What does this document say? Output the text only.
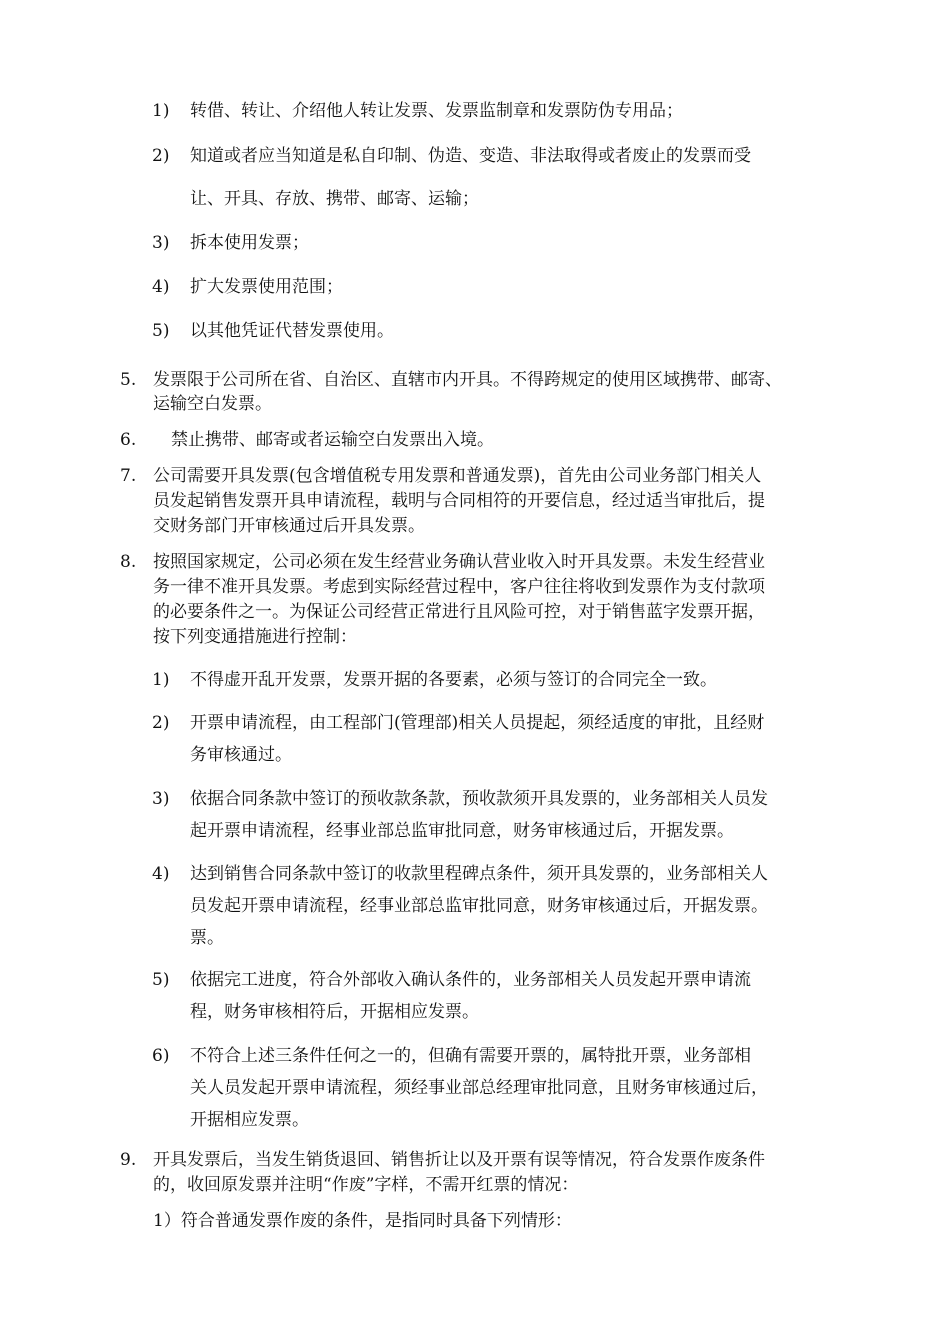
1) 转借、转让、介绍他人转让发票、发票监制章和发票防伪专用品；
2) 知道或者应当知道是私自印制、伪造、变造、非法取得或者废止的发票而受
让、开具、存放、携带、邮寄、运输；
3) 拆本使用发票；
4) 扩大发票使用范围；
5) 以其他凭证代替发票使用。
5. 发票限于公司所在省、自治区、直辖市内开具。不得跨规定的使用区域携带、邮寄、
运输空白发票。
6. 禁止携带、邮寄或者运输空白发票出入境。
7. 公司需要开具发票(包含增值税专用发票和普通发票)，首先由公司业务部门相关人
员发起销售发票开具申请流程，载明与合同相符的开要信息，经过适当审批后，提
交财务部门开审核通过后开具发票。
8. 按照国家规定，公司必须在发生经营业务确认营业收入时开具发票。未发生经营业
务一律不准开具发票。考虑到实际经营过程中，客户往往将收到发票作为支付款项
的必要条件之一。为保证公司经营正常进行且风险可控，对于销售蓝字发票开据，
按下列变通措施进行控制：
1) 不得虚开乱开发票，发票开据的各要素，必须与签订的合同完全一致。
2) 开票申请流程，由工程部门(管理部)相关人员提起，须经适度的审批，且经财
务审核通过。
3) 依据合同条款中签订的预收款条款，预收款须开具发票的，业务部相关人员发
起开票申请流程，经事业部总监审批同意，财务审核通过后，开据发票。
4) 达到销售合同条款中签订的收款里程碑点条件，须开具发票的，业务部相关人
员发起开票申请流程，经事业部总监审批同意，财务审核通过后，开据发票。
票。
5) 依据完工进度，符合外部收入确认条件的，业务部相关人员发起开票申请流
程，财务审核相符后，开据相应发票。
6) 不符合上述三条件任何之一的，但确有需要开票的，属特批开票，业务部相
关人员发起开票申请流程，须经事业部总经理审批同意，且财务审核通过后，
开据相应发票。
9. 开具发票后，当发生销货退回、销售折让以及开票有误等情况，符合发票作废条件
的，收回原发票并注明“作废”字样，不需开红票的情况：
1）符合普通发票作废的条件，是指同时具备下列情形：
